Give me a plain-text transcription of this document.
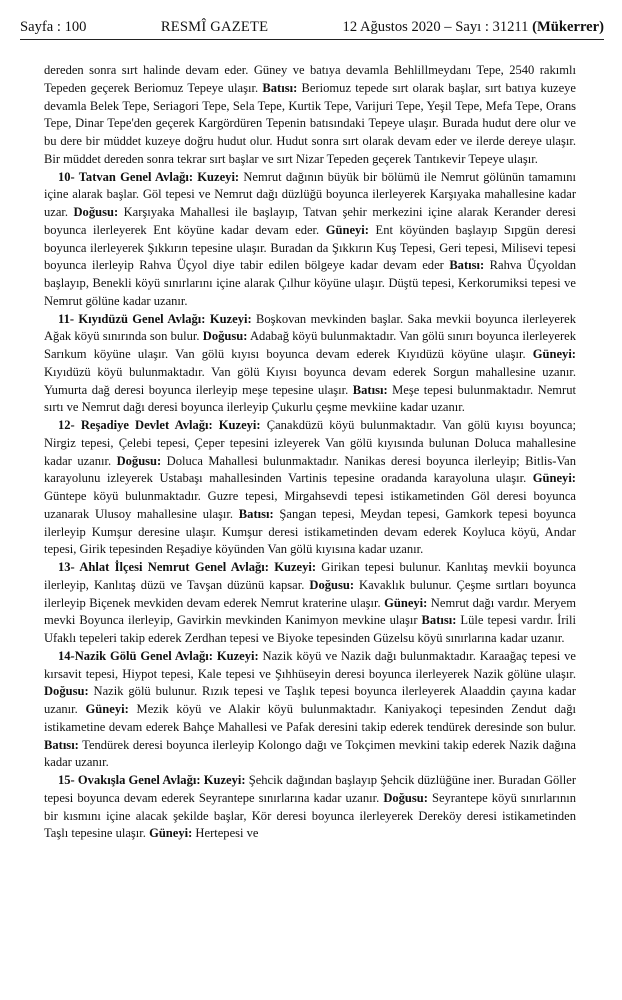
Sayfa : 100	RESMÎ GAZETE	12 Ağustos 2020 – Sayı : 31211 (Mükerrer)

dereden sonra sırt halinde devam eder. Güney ve batıya devamla Behlillmeydanı Tepe, 2540 rakımlı Tepeden geçerek Beriomuz Tepeye ulaşır. Batısı: Beriomuz tepede sırt olarak başlar, sırt batıya kuzeye devamla Belek Tepe, Seriagori Tepe, Sela Tepe, Kurtik Tepe, Varijuri Tepe, Yeşil Tepe, Mefa Tepe, Orans Tepe, Dinar Tepe'den geçerek Kargördüren Tepenin batısındaki Tepeye ulaşır. Burada hudut dere olur ve bu dere bir müddet kuzeye doğru hudut olur. Hudut sonra sırt olarak devam eder ve ilerde dereye ulaşır. Bir müddet dereden sonra tekrar sırt başlar ve sırt Nizar Tepeden geçerek Tantıkevir Tepeye ulaşır.

10- Tatvan Genel Avlağı: Kuzeyi: Nemrut dağının büyük bir bölümü ile Nemrut gölünün tamamını içine alarak başlar. Göl tepesi ve Nemrut dağı düzlüğü boyunca ilerleyerek Karşıyaka mahallesine kadar uzar. Doğusu: Karşıyaka Mahallesi ile başlayıp, Tatvan şehir merkezini içine alarak Kerander deresi boyunca ilerleyerek Ent köyüne kadar devam eder. Güneyi: Ent köyünden başlayıp Sıpgün deresi boyunca ilerleyerek Şıkkırın tepesine ulaşır. Buradan da Şıkkırın Kuş Tepesi, Geri tepesi, Milisevi tepesi boyunca ilerleyip Rahva Üçyol diye tabir edilen bölgeye kadar devam eder Batısı: Rahva Üçyoldan başlayıp, Benekli köyü sınırlarını içine alarak Çılhur köyüne ulaşır. Düştü tepesi, Kerkorumiksi tepesi ve Nemrut gölüne kadar uzanır.

11- Kıyıdüzü Genel Avlağı: Kuzeyi: Boşkovan mevkinden başlar. Saka mevkii boyunca ilerleyerek Ağak köyü sınırında son bulur. Doğusu: Adabağ köyü bulunmaktadır. Van gölü sınırı boyunca ilerleyerek Sarıkum köyüne ulaşır. Van gölü kıyısı boyunca devam ederek Kıyıdüzü köyüne ulaşır. Güneyi: Kıyıdüzü köyü bulunmaktadır. Van gölü Kıyısı boyunca devam ederek Sorgun mahallesine uzanır. Yumurta dağ deresi boyunca ilerleyip meşe tepesine ulaşır. Batısı: Meşe tepesi bulunmaktadır. Nemrut sırtı ve Nemrut dağı deresi boyunca ilerleyip Çukurlu çeşme mevkiine kadar uzanır.

12- Reşadiye Devlet Avlağı: Kuzeyi: Çanakdüzü köyü bulunmaktadır. Van gölü kıyısı boyunca; Nirgiz tepesi, Çelebi tepesi, Çeper tepesini izleyerek Van gölü kıyısında bulunan Doluca mahallesine kadar uzanır. Doğusu: Doluca Mahallesi bulunmaktadır. Nanikas deresi boyunca ilerleyip; Bitlis-Van karayolunu izleyerek Ustabaşı mahallesinden Vartinis tepesine oradanda karayoluna ulaşır. Güneyi: Güntepe köyü bulunmaktadır. Guzre tepesi, Mirgahsevdi tepesi istikametinden Göl deresi boyunca uzanarak Ulusoy mahallesine ulaşır. Batısı: Şangan tepesi, Meydan tepesi, Gamkork tepesi boyunca ilerleyip Kumşur deresine ulaşır. Kumşur deresi istikametinden devam ederek Koyluca köyü, Andar tepesi, Girik tepesinden Reşadiye köyünden Van gölü kıyısına kadar uzanır.

13- Ahlat İlçesi Nemrut Genel Avlağı: Kuzeyi: Girikan tepesi bulunur. Kanlıtaş mevkii boyunca ilerleyip, Kanlıtaş düzü ve Tavşan düzünü kapsar. Doğusu: Kavaklık bulunur. Çeşme sırtları boyunca ilerleyip Biçenek mevkiden devam ederek Nemrut kraterine ulaşır. Güneyi: Nemrut dağı vardır. Meryem mevki Boyunca ilerleyip, Gavirkin mevkinden Kanimyon mevkine ulaşır Batısı: Lüle tepesi vardır. İrili Ufaklı tepeleri takip ederek Zerdhan tepesi ve Biyoke tepesinden Güzelsu köyü sınırlarına kadar uzanır.

14-Nazik Gölü Genel Avlağı: Kuzeyi: Nazik köyü ve Nazik dağı bulunmaktadır. Karaağaç tepesi ve kırsavit tepesi, Hiypot tepesi, Kale tepesi ve Şıhhüseyin deresi boyunca ilerleyerek Nazik gölüne ulaşır. Doğusu: Nazik gölü bulunur. Rızık tepesi ve Taşlık tepesi boyunca ilerleyerek Alaaddin çayına kadar uzanır. Güneyi: Mezik köyü ve Alakir köyü bulunmaktadır. Kaniyakoçi tepesinden Zendut dağı istikametine devam ederek Bahçe Mahallesi ve Pafak deresini takip ederek tendürek deresinde son bulur. Batısı: Tendürek deresi boyunca ilerleyip Kolongo dağı ve Tokçimen mevkini takip ederek Nazik dağına kadar uzanır.

15- Ovakışla Genel Avlağı: Kuzeyi: Şehcik dağından başlayıp Şehcik düzlüğüne iner. Buradan Göller tepesi boyunca devam ederek Seyrantepe sınırlarına kadar uzanır. Doğusu: Seyrantepe köyü sınırlarının bir kısmını içine alacak şekilde başlar, Kör deresi boyunca ilerleyerek Dereköy deresi istikametinden Taşlı tepesine ulaşır. Güneyi: Hertepesi ve
